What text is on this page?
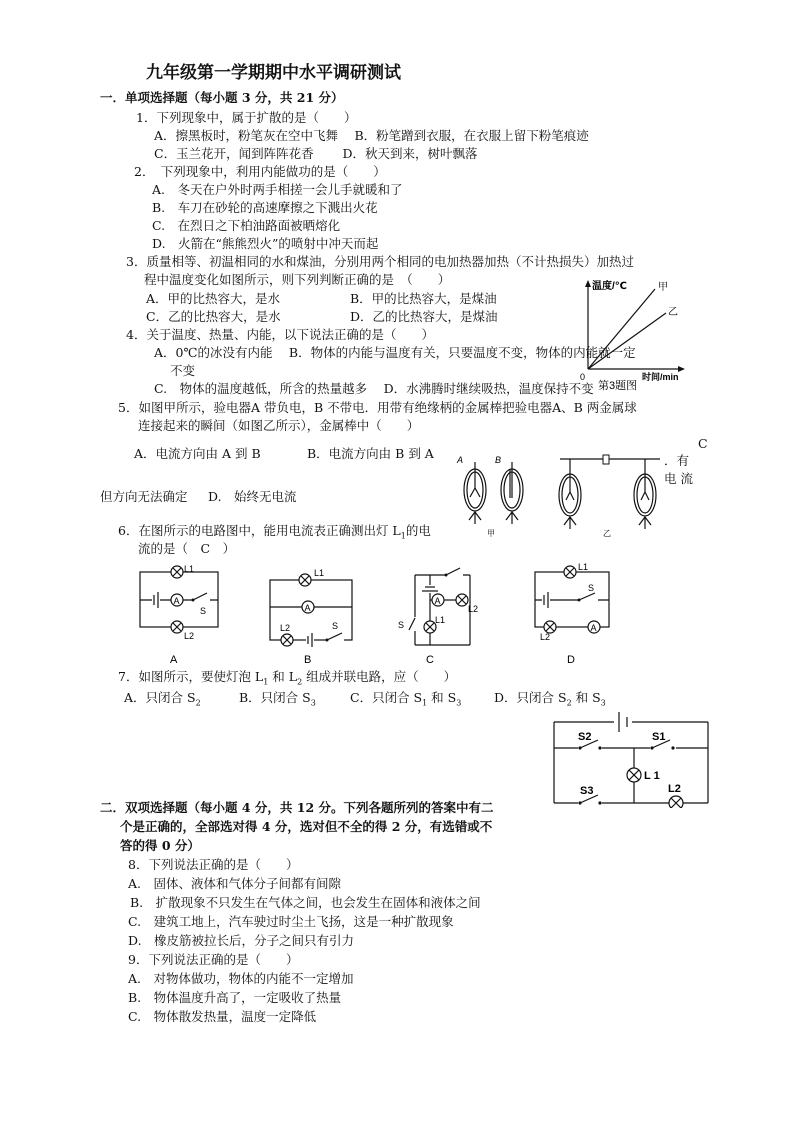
九年级第一学期期中水平调研测试
一．单项选择题（每小题 3 分，共 21 分）
1．下列现象中，属于扩散的是（　　）
A．擦黑板时，粉笔灰在空中飞舞　 B．粉笔蹭到衣服，在衣服上留下粉笔痕迹
C．玉兰花开，闻到阵阵花香　　 D．秋天到来，树叶飘落
2．　下列现象中，利用内能做功的是（　　）
A.　冬天在户外时两手相搓一会儿手就暖和了
B.　车刀在砂轮的高速摩擦之下溅出火花
C.　在烈日之下柏油路面被晒熔化
D.　火箭在“熊熊烈火”的喷射中冲天而起
3．质量相等、初温相同的水和煤油，分别用两个相同的电加热器加热（不计热损失）加热过
程中温度变化如图所示，则下列判断正确的是　（　　）
A．甲的比热容大，是水	B．甲的比热容大，是煤油
C．乙的比热容大，是水	D．乙的比热容大，是煤油
温度/℃	甲
乙
0	时间/min
第3题图
4．关于温度、热量、内能，以下说法正确的是（　　）
A．0℃的冰没有内能　 B．物体的内能与温度有关，只要温度不变，物体的内能就一定
不变
C.　物体的温度越低，所含的热量越多　 D．水沸腾时继续吸热，温度保持不变
5．如图甲所示，验电器A 带负电，B 不带电．用带有绝缘柄的金属棒把验电器A、B 两金属球
连接起来的瞬间（如图乙所示），金属棒中（　　）
A．电流方向由 A 到 B	B．电流方向由 B 到 A
C
．有
电 流
但方向无法确定 D.　始终无电流
A	B
甲	乙
6．在图所示的电路图中，能用电流表正确测出灯 $L_1$的电
流的是（　C　）
A
L1
L2
S
A
A
L1
L2	S
B
A
L2
L1
S
C
A
L1
L2
S
D
7．如图所示，要使灯泡 $L_1$ 和 $L_2$ 组成并联电路，应（　　）
A．只闭合 $S_2$	B．只闭合 $S_3$	C．只闭合 $S_1$ 和 $S_3$	D．只闭合 $S_2$ 和 $S_3$
S2	S1
L 1
S3	L2
二．双项选择题（每小题 4 分，共 12 分。下列各题所列的答案中有二
个是正确的，全部选对得 4 分，选对但不全的得 2 分，有选错或不
答的得 0 分）
8．下列说法正确的是（　　）
A.　固体、液体和气体分子间都有间隙
B.　扩散现象不只发生在气体之间，也会发生在固体和液体之间
C.　建筑工地上，汽车驶过时尘土飞扬，这是一种扩散现象
D.　橡皮筋被拉长后，分子之间只有引力
9．下列说法正确的是（　　）
A.　对物体做功，物体的内能不一定增加
B.　物体温度升高了，一定吸收了热量
C.　物体散发热量，温度一定降低
